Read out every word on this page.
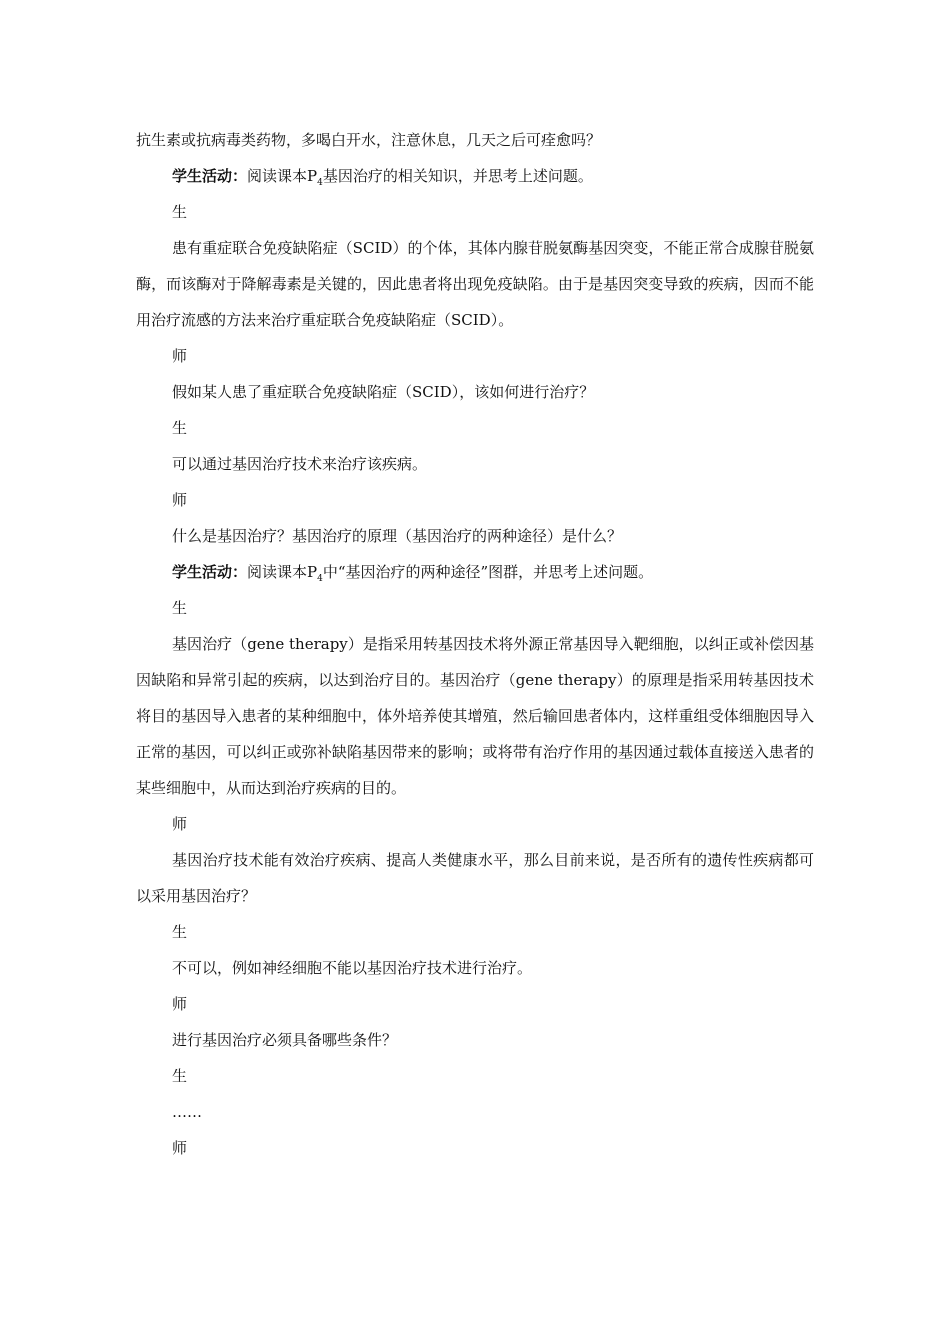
抗生素或抗病毒类药物，多喝白开水，注意休息，几天之后可痊愈吗？

学生活动：阅读课本$P_4$基因治疗的相关知识，并思考上述问题。

生

患有重症联合免疫缺陷症（SCID）的个体，其体内腺苷脱氨酶基因突变，不能正常合成腺苷脱氨酶，而该酶对于降解毒素是关键的，因此患者将出现免疫缺陷。由于是基因突变导致的疾病，因而不能用治疗流感的方法来治疗重症联合免疫缺陷症（SCID）。

师

假如某人患了重症联合免疫缺陷症（SCID），该如何进行治疗？

生

可以通过基因治疗技术来治疗该疾病。

师

什么是基因治疗？基因治疗的原理（基因治疗的两种途径）是什么？

学生活动：阅读课本$P_4$中“基因治疗的两种途径”图群，并思考上述问题。

生

基因治疗（gene therapy）是指采用转基因技术将外源正常基因导入靶细胞，以纠正或补偿因基因缺陷和异常引起的疾病，以达到治疗目的。基因治疗（gene therapy）的原理是指采用转基因技术将目的基因导入患者的某种细胞中，体外培养使其增殖，然后输回患者体内，这样重组受体细胞因导入正常的基因，可以纠正或弥补缺陷基因带来的影响；或将带有治疗作用的基因通过载体直接送入患者的某些细胞中，从而达到治疗疾病的目的。

师

基因治疗技术能有效治疗疾病、提高人类健康水平，那么目前来说，是否所有的遗传性疾病都可以采用基因治疗？

生

不可以，例如神经细胞不能以基因治疗技术进行治疗。

师

进行基因治疗必须具备哪些条件？

生

……

师
